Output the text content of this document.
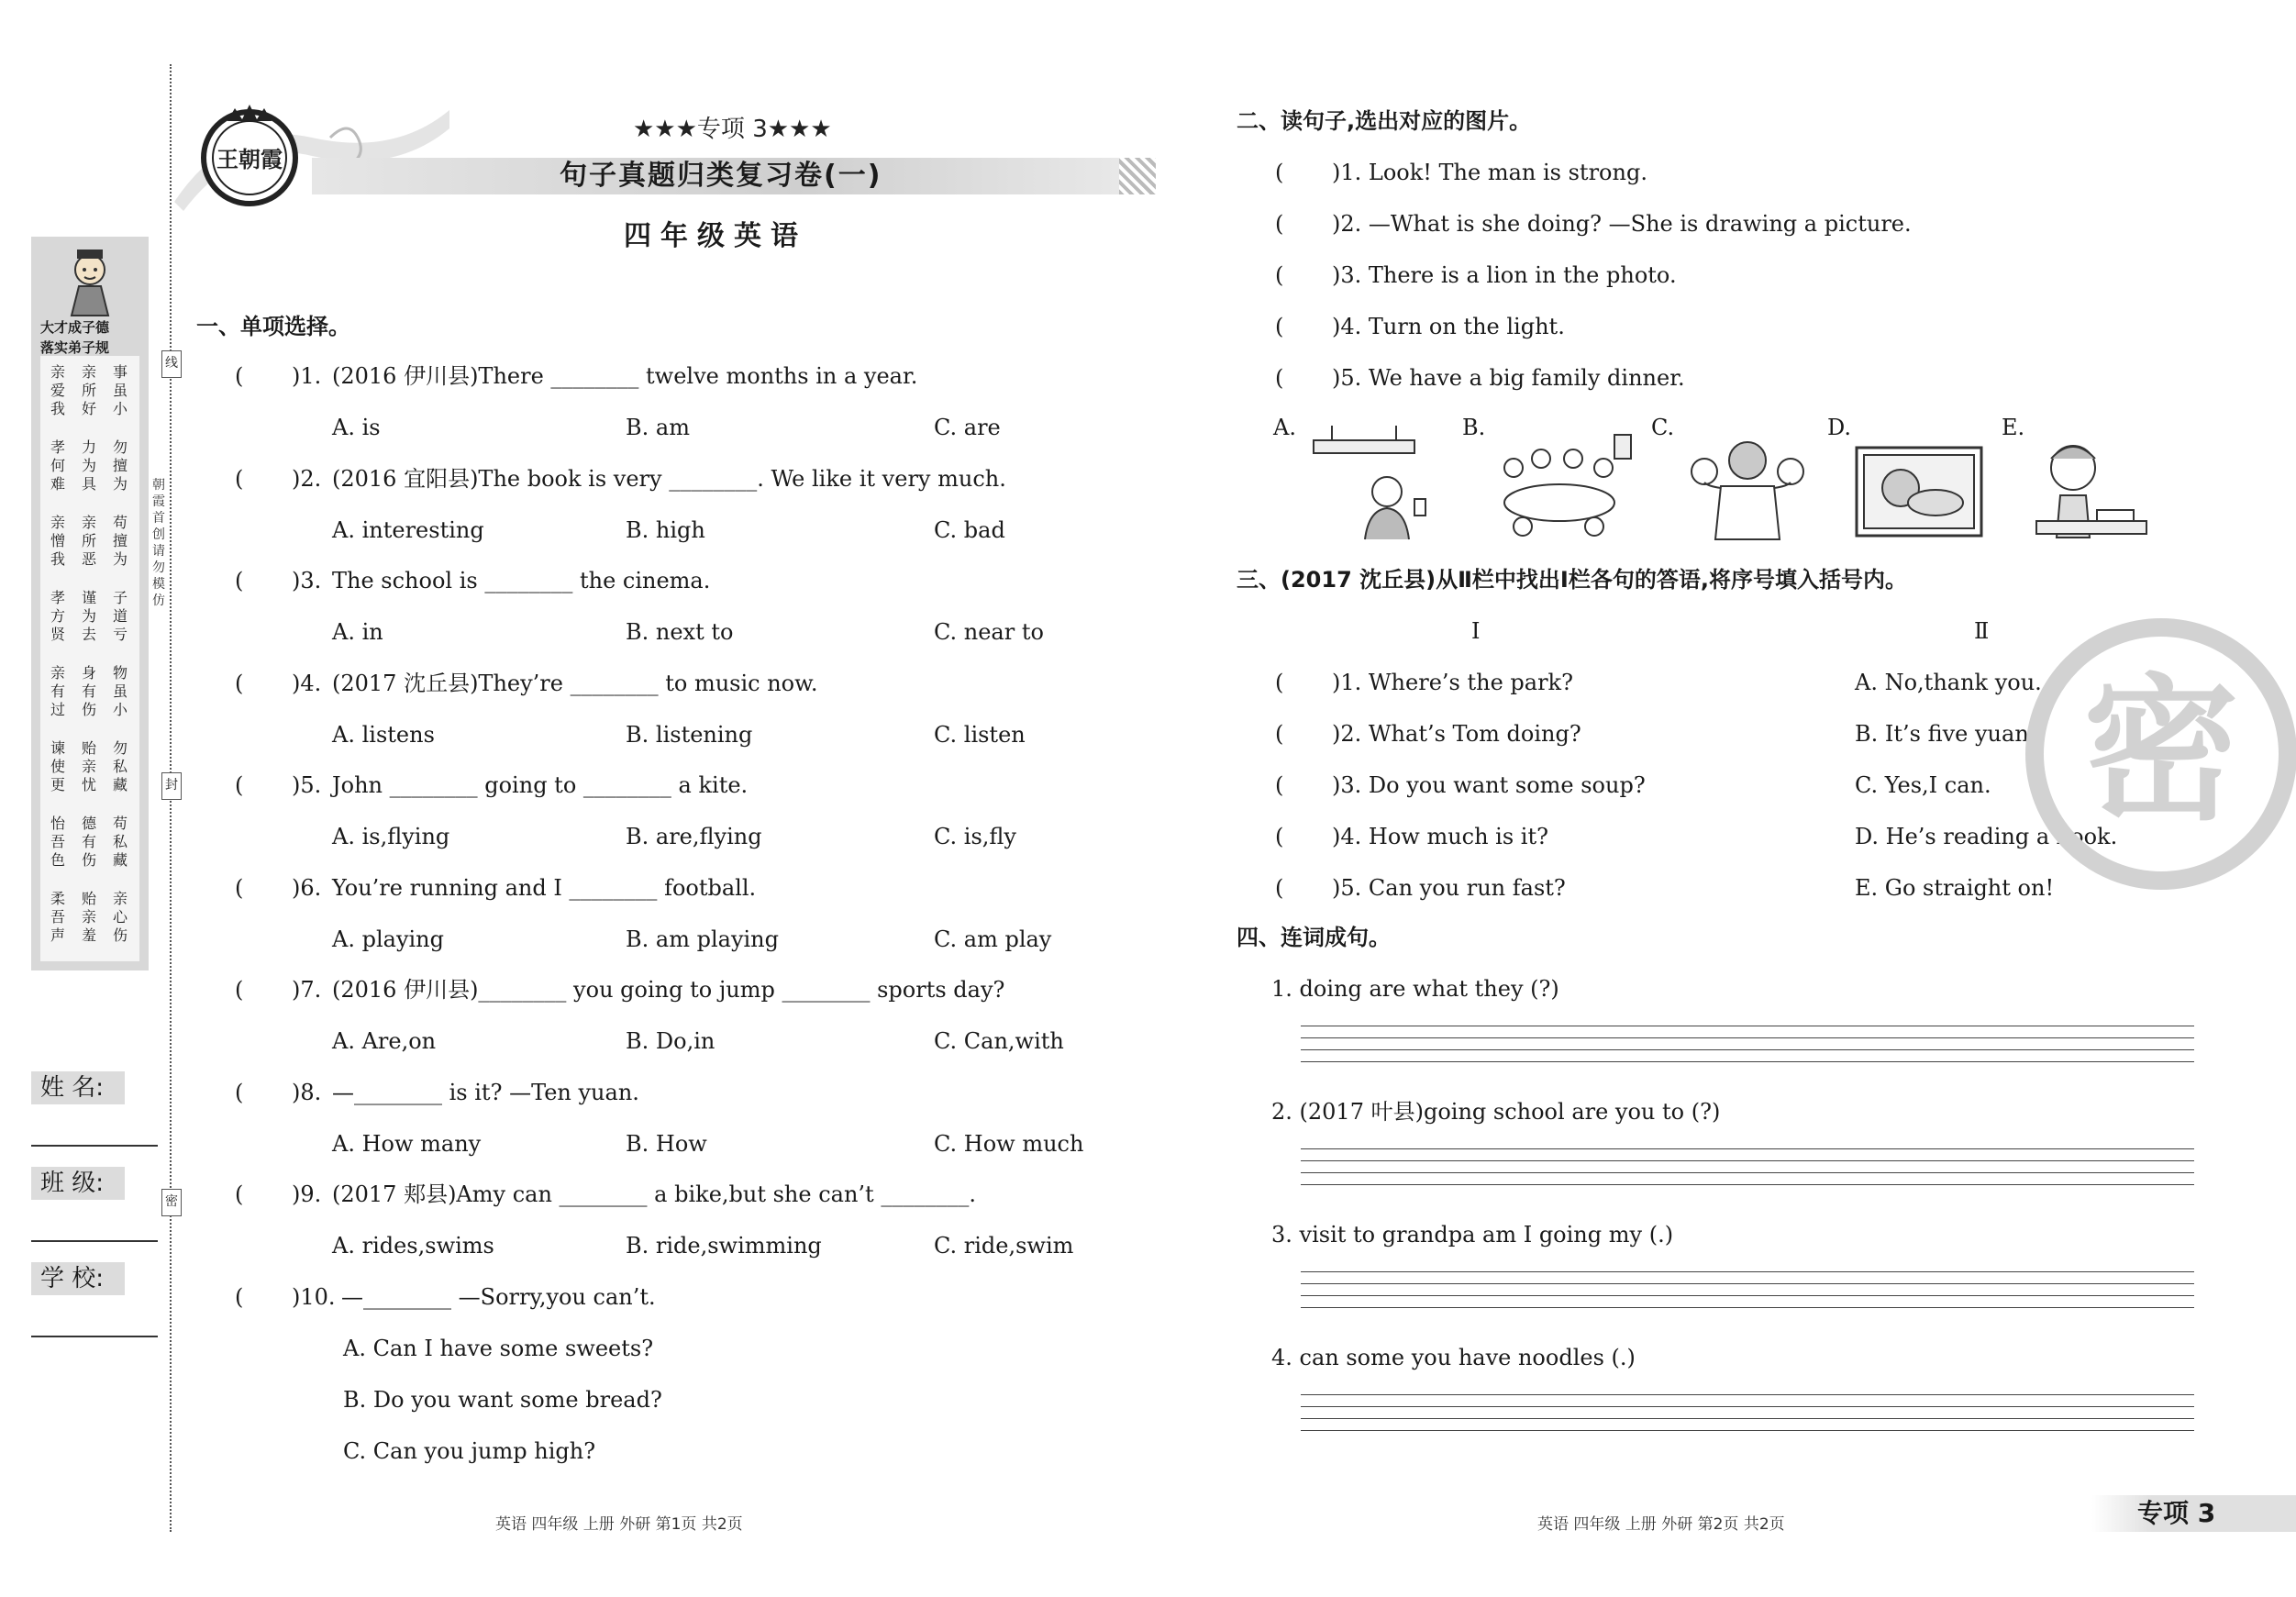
大才成子德
落实弟子规
亲爱我
亲所好
事虽小
孝何难
力为具
勿擅为
亲憎我
亲所恶
苟擅为
孝方贤
谨为去
子道亏
亲有过
身有伤
物虽小
谏使更
贻亲忧
勿私藏
怡吾色
德有伤
苟私藏
柔吾声
贻亲羞
亲心伤
线
封
密
朝霞首创 请勿模仿
姓 名:
班 级:
学 校:
王朝霞
★★★专项 3★★★
句子真题归类复习卷(一)
四年级英语
一、单项选择。
(	)1. (2016 伊川县)There ________ twelve months in a year.
A. is	B. am	C. are
(	)2. (2016 宜阳县)The book is very ________. We like it very much.
A. interesting	B. high	C. bad
(	)3. The school is ________ the cinema.
A. in	B. next to	C. near to
(	)4. (2017 沈丘县)They’re ________ to music now.
A. listens	B. listening	C. listen
(	)5. John ________ going to ________ a kite.
A. is,flying	B. are,flying	C. is,fly
(	)6. You’re running and I ________ football.
A. playing	B. am playing	C. am play
(	)7. (2016 伊川县)________ you going to jump ________ sports day?
A. Are,on	B. Do,in	C. Can,with
(	)8. —________ is it? —Ten yuan.
A. How many	B. How	C. How much
(	)9. (2017 郏县)Amy can ________ a bike,but she can’t ________.
A. rides,swims	B. ride,swimming	C. ride,swim
(	)10. —________ —Sorry,you can’t.
A. Can I have some sweets?
B. Do you want some bread?
C. Can you jump high?
二、读句子,选出对应的图片。
(	)1. Look! The man is strong.
(	)2. —What is she doing? —She is drawing a picture.
(	)3. There is a lion in the photo.
(	)4. Turn on the light.
(	)5. We have a big family dinner.
A.	B.	C.	D.	E.
三、(2017 沈丘县)从Ⅱ栏中找出Ⅰ栏各句的答语,将序号填入括号内。
Ⅰ	Ⅱ
(	)1. Where’s the park?	A. No,thank you.
(	)2. What’s Tom doing?	B. It’s five yuan.
(	)3. Do you want some soup?	C. Yes,I can.
(	)4. How much is it?	D. He’s reading a book.
(	)5. Can you run fast?	E. Go straight on!
密
四、连词成句。
1. doing are what they (?)
2. (2017 叶县)going school are you to (?)
3. visit to grandpa am I going my (.)
4. can some you have noodles (.)
英语 四年级 上册 外研 第1页 共2页	英语 四年级 上册 外研 第2页 共2页	专项 3
